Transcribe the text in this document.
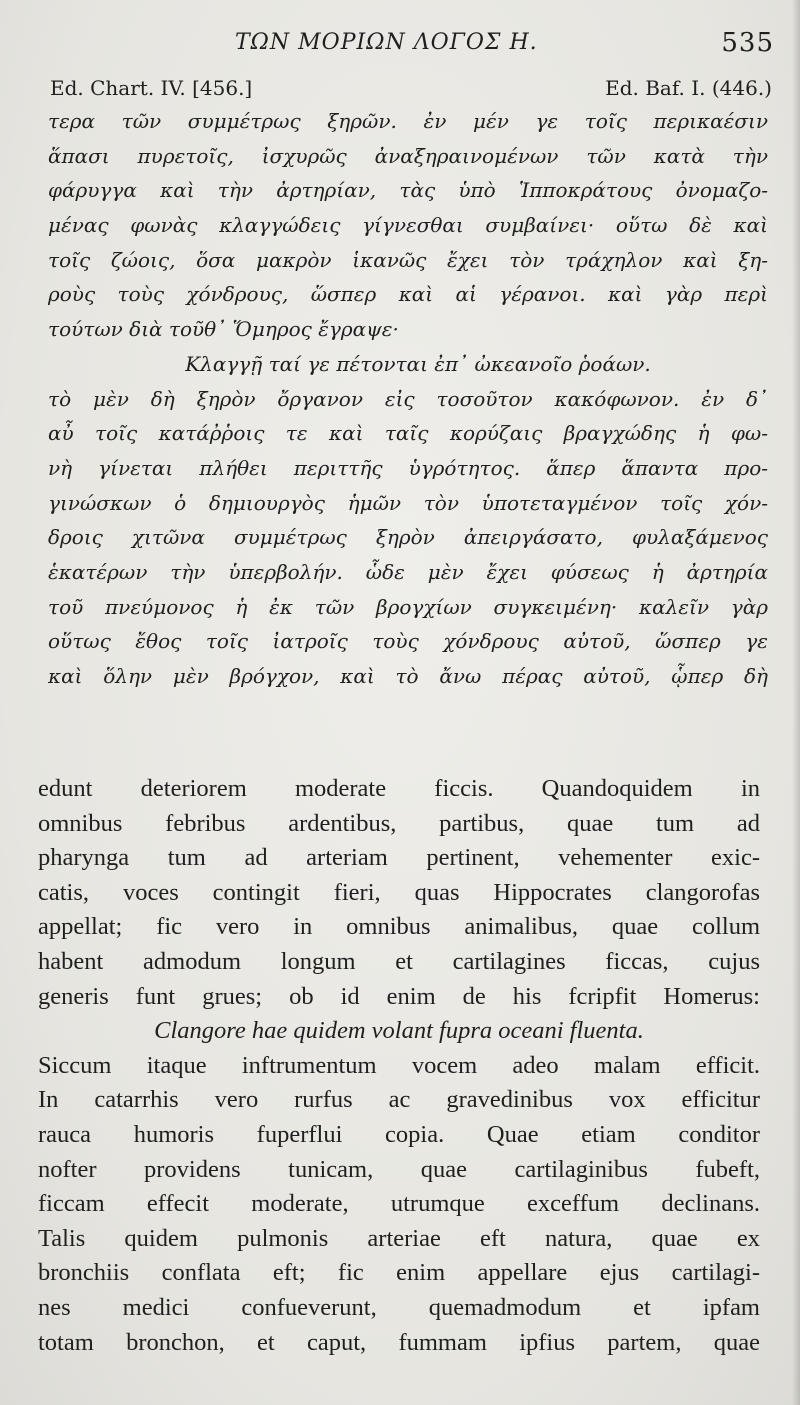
ΤΩΝ ΜΟΡΙΩΝ ΛΟΓΟΣ Η.	535
Ed. Chart. IV. [456.]	Ed. Baf. I. (446.)
τερα τῶν συμμέτρως ξηρῶν. ἐν μέν γε τοῖς περικαέσιν
ἅπασι πυρετοῖς, ἰσχυρῶς ἀναξηραινομένων τῶν κατὰ τὴν
φάρυγγα καὶ τὴν ἀρτηρίαν, τὰς ὑπὸ Ἱπποκράτους ὀνομαζο-
μένας φωνὰς κλαγγώδεις γίγνεσθαι συμβαίνει· οὕτω δὲ καὶ
τοῖς ζώοις, ὅσα μακρὸν ἱκανῶς ἔχει τὸν τράχηλον καὶ ξη-
ροὺς τοὺς χόνδρους, ὥσπερ καὶ αἱ γέρανοι. καὶ γὰρ περὶ
τούτων διὰ τοῦθ᾽ Ὅμηρος ἔγραψε·
Κλαγγῇ ταί γε πέτονται ἐπ᾽ ὠκεανοῖο ῥοάων.
τὸ μὲν δὴ ξηρὸν ὄργανον εἰς τοσοῦτον κακόφωνον. ἐν δ᾽
αὖ τοῖς κατάῤῥοις τε καὶ ταῖς κορύζαις βραγχώδης ἡ φω-
νὴ γίνεται πλήθει περιττῆς ὑγρότητος. ἅπερ ἅπαντα προ-
γινώσκων ὁ δημιουργὸς ἡμῶν τὸν ὑποτεταγμένον τοῖς χόν-
δροις χιτῶνα συμμέτρως ξηρὸν ἀπειργάσατο, φυλαξάμενος
ἑκατέρων τὴν ὑπερβολήν. ὧδε μὲν ἔχει φύσεως ἡ ἀρτηρία
τοῦ πνεύμονος ἡ ἐκ τῶν βρογχίων συγκειμένη· καλεῖν γὰρ
οὕτως ἔθος τοῖς ἰατροῖς τοὺς χόνδρους αὐτοῦ, ὥσπερ γε
καὶ ὅλην μὲν βρόγχον, καὶ τὸ ἄνω πέρας αὐτοῦ, ᾧπερ δὴ
edunt deteriorem moderate ficcis. Quandoquidem in
omnibus febribus ardentibus, partibus, quae tum ad
pharynga tum ad arteriam pertinent, vehementer exic-
catis, voces contingit fieri, quas Hippocrates clangorofas
appellat; fic vero in omnibus animalibus, quae collum
habent admodum longum et cartilagines ficcas, cujus
generis funt grues; ob id enim de his fcripfit Homerus:
Clangore hae quidem volant fupra oceani fluenta.
Siccum itaque inftrumentum vocem adeo malam efficit.
In catarrhis vero rurfus ac gravedinibus vox efficitur
rauca humoris fuperflui copia. Quae etiam conditor
nofter providens tunicam, quae cartilaginibus fubeft,
ficcam effecit moderate, utrumque exceffum declinans.
Talis quidem pulmonis arteriae eft natura, quae ex
bronchiis conflata eft; fic enim appellare ejus cartilagi-
nes medici confueverunt, quemadmodum et ipfam
totam bronchon, et caput, fummam ipfius partem, quae
